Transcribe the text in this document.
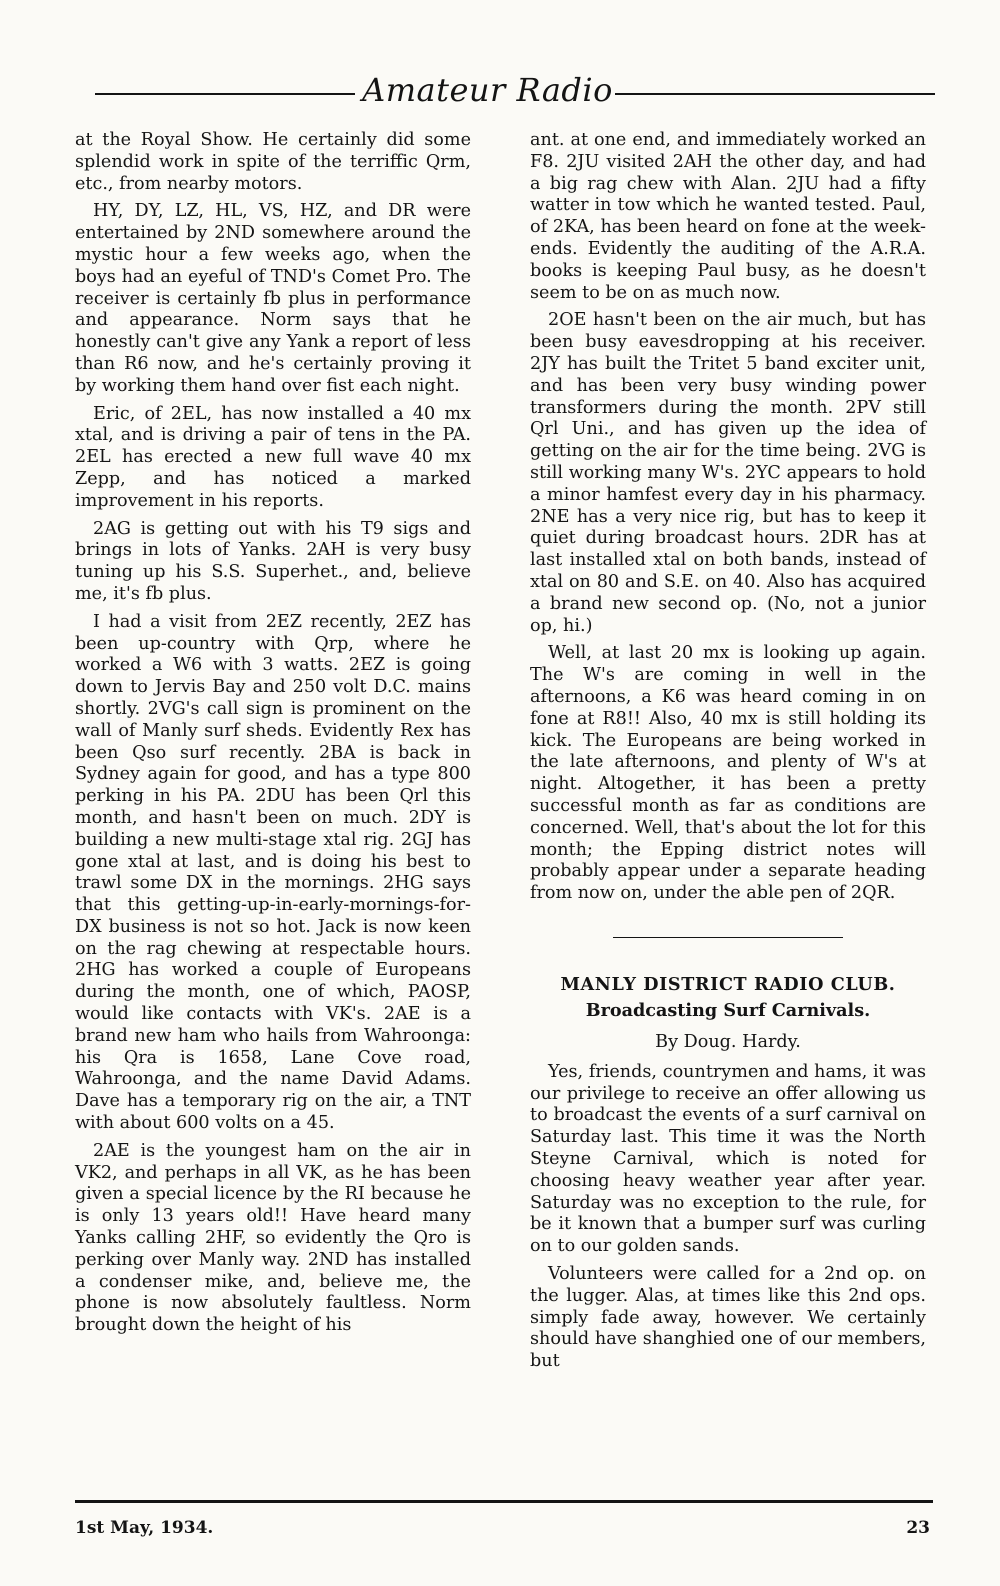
Amateur Radio

at the Royal Show. He certainly did some splendid work in spite of the terriffic Qrm, etc., from nearby motors.

HY, DY, LZ, HL, VS, HZ, and DR were entertained by 2ND somewhere around the mystic hour a few weeks ago, when the boys had an eyeful of TND's Comet Pro. The receiver is certainly fb plus in performance and appearance. Norm says that he honestly can't give any Yank a report of less than R6 now, and he's certainly proving it by working them hand over fist each night.

Eric, of 2EL, has now installed a 40 mx xtal, and is driving a pair of tens in the PA. 2EL has erected a new full wave 40 mx Zepp, and has noticed a marked improvement in his reports.

2AG is getting out with his T9 sigs and brings in lots of Yanks. 2AH is very busy tuning up his S.S. Superhet., and, believe me, it's fb plus.

I had a visit from 2EZ recently, 2EZ has been up-country with Qrp, where he worked a W6 with 3 watts. 2EZ is going down to Jervis Bay and 250 volt D.C. mains shortly. 2VG's call sign is prominent on the wall of Manly surf sheds. Evidently Rex has been Qso surf recently. 2BA is back in Sydney again for good, and has a type 800 perking in his PA. 2DU has been Qrl this month, and hasn't been on much. 2DY is building a new multi-stage xtal rig. 2GJ has gone xtal at last, and is doing his best to trawl some DX in the mornings. 2HG says that this getting-up-in-early-mornings-for-DX business is not so hot. Jack is now keen on the rag chewing at respectable hours. 2HG has worked a couple of Europeans during the month, one of which, PAOSP, would like contacts with VK's. 2AE is a brand new ham who hails from Wahroonga: his Qra is 1658, Lane Cove road, Wahroonga, and the name David Adams. Dave has a temporary rig on the air, a TNT with about 600 volts on a 45.

2AE is the youngest ham on the air in VK2, and perhaps in all VK, as he has been given a special licence by the RI because he is only 13 years old!! Have heard many Yanks calling 2HF, so evidently the Qro is perking over Manly way. 2ND has installed a condenser mike, and, believe me, the phone is now absolutely faultless. Norm brought down the height of his

ant. at one end, and immediately worked an F8. 2JU visited 2AH the other day, and had a big rag chew with Alan. 2JU had a fifty watter in tow which he wanted tested. Paul, of 2KA, has been heard on fone at the week-ends. Evidently the auditing of the A.R.A. books is keeping Paul busy, as he doesn't seem to be on as much now.

2OE hasn't been on the air much, but has been busy eavesdropping at his receiver. 2JY has built the Tritet 5 band exciter unit, and has been very busy winding power transformers during the month. 2PV still Qrl Uni., and has given up the idea of getting on the air for the time being. 2VG is still working many W's. 2YC appears to hold a minor hamfest every day in his pharmacy. 2NE has a very nice rig, but has to keep it quiet during broadcast hours. 2DR has at last installed xtal on both bands, instead of xtal on 80 and S.E. on 40. Also has acquired a brand new second op. (No, not a junior op, hi.)

Well, at last 20 mx is looking up again. The W's are coming in well in the afternoons, a K6 was heard coming in on fone at R8!! Also, 40 mx is still holding its kick. The Europeans are being worked in the late afternoons, and plenty of W's at night. Altogether, it has been a pretty successful month as far as conditions are concerned. Well, that's about the lot for this month; the Epping district notes will probably appear under a separate heading from now on, under the able pen of 2QR.

MANLY DISTRICT RADIO CLUB.
Broadcasting Surf Carnivals.
By Doug. Hardy.

Yes, friends, countrymen and hams, it was our privilege to receive an offer allowing us to broadcast the events of a surf carnival on Saturday last. This time it was the North Steyne Carnival, which is noted for choosing heavy weather year after year. Saturday was no exception to the rule, for be it known that a bumper surf was curling on to our golden sands.

Volunteers were called for a 2nd op. on the lugger. Alas, at times like this 2nd ops. simply fade away, however. We certainly should have shanghied one of our members, but

1st May, 1934.	23
